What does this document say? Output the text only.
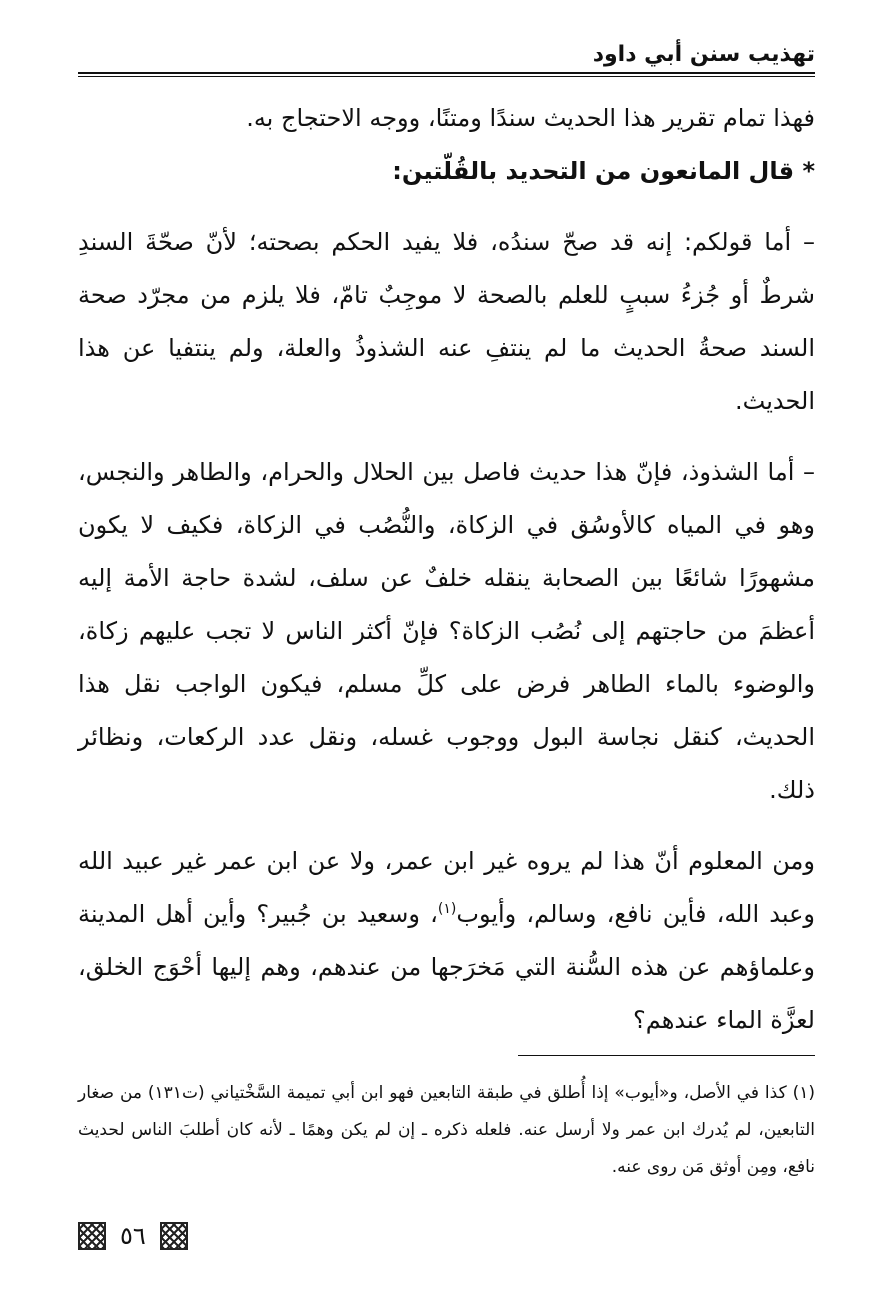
تهذيب سنن أبي داود

فهذا تمام تقرير هذا الحديث سندًا ومتنًا، ووجه الاحتجاج به.

* قال المانعون من التحديد بالقُلّتين:

– أما قولكم: إنه قد صحّ سندُه، فلا يفيد الحكم بصحته؛ لأنّ صحّةَ السندِ شرطٌ أو جُزءُ سببٍ للعلم بالصحة لا موجِبٌ تامّ، فلا يلزم من مجرّد صحة السند صحةُ الحديث ما لم ينتفِ عنه الشذوذُ والعلة، ولم ينتفيا عن هذا الحديث.

– أما الشذوذ، فإنّ هذا حديث فاصل بين الحلال والحرام، والطاهر والنجس، وهو في المياه كالأوسُق في الزكاة، والنُّصُب في الزكاة، فكيف لا يكون مشهورًا شائعًا بين الصحابة ينقله خلفٌ عن سلف، لشدة حاجة الأمة إليه أعظمَ من حاجتهم إلى نُصُب الزكاة؟ فإنّ أكثر الناس لا تجب عليهم زكاة، والوضوء بالماء الطاهر فرض على كلِّ مسلم، فيكون الواجب نقل هذا الحديث، كنقل نجاسة البول ووجوب غسله، ونقل عدد الركعات، ونظائر ذلك.

ومن المعلوم أنّ هذا لم يروه غير ابن عمر، ولا عن ابن عمر غير عبيد الله وعبد الله، فأين نافع، وسالم، وأيوب$^{(١)}$، وسعيد بن جُبير؟ وأين أهل المدينة وعلماؤهم عن هذه السُّنة التي مَخرَجها من عندهم، وهم إليها أحْوَج الخلق، لعزَّة الماء عندهم؟

(١) كذا في الأصل، و«أيوب» إذا أُطلق في طبقة التابعين فهو ابن أبي تميمة السَّخْتياني (ت١٣١) من صغار التابعين، لم يُدرك ابن عمر ولا أرسل عنه. فلعله ذكره ـ إن لم يكن وهمًا ـ لأنه كان أطلبَ الناس لحديث نافع، ومِن أوثق مَن روى عنه.

٥٦
